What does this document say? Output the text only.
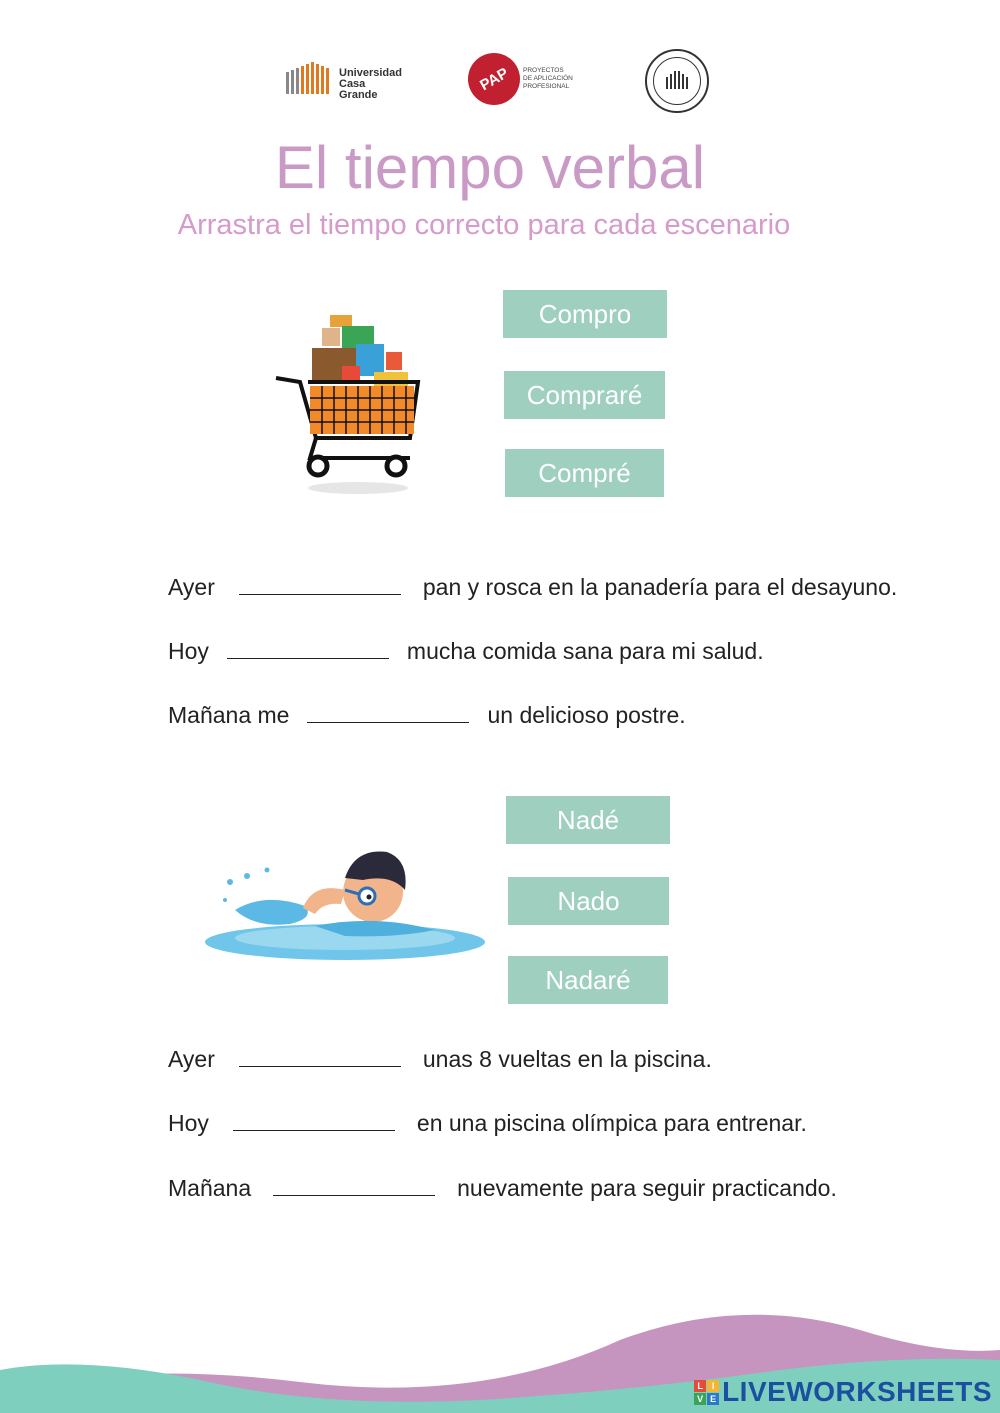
Universidad
Casa Grande
PAP	PROYECTOS
DE APLICACIÓN
PROFESIONAL
El tiempo verbal
Arrastra el tiempo correcto para cada escenario
Compro
Compraré
Compré
Ayer	pan y rosca en la panadería para el desayuno.
Hoy	mucha comida sana para mi salud.
Mañana me	un delicioso postre.
Nadé
Nado
Nadaré
Ayer	unas 8 vueltas en la piscina.
Hoy	en una piscina olímpica para entrenar.
Mañana	nuevamente para seguir practicando.
L I
V E LIVEWORKSHEETS
